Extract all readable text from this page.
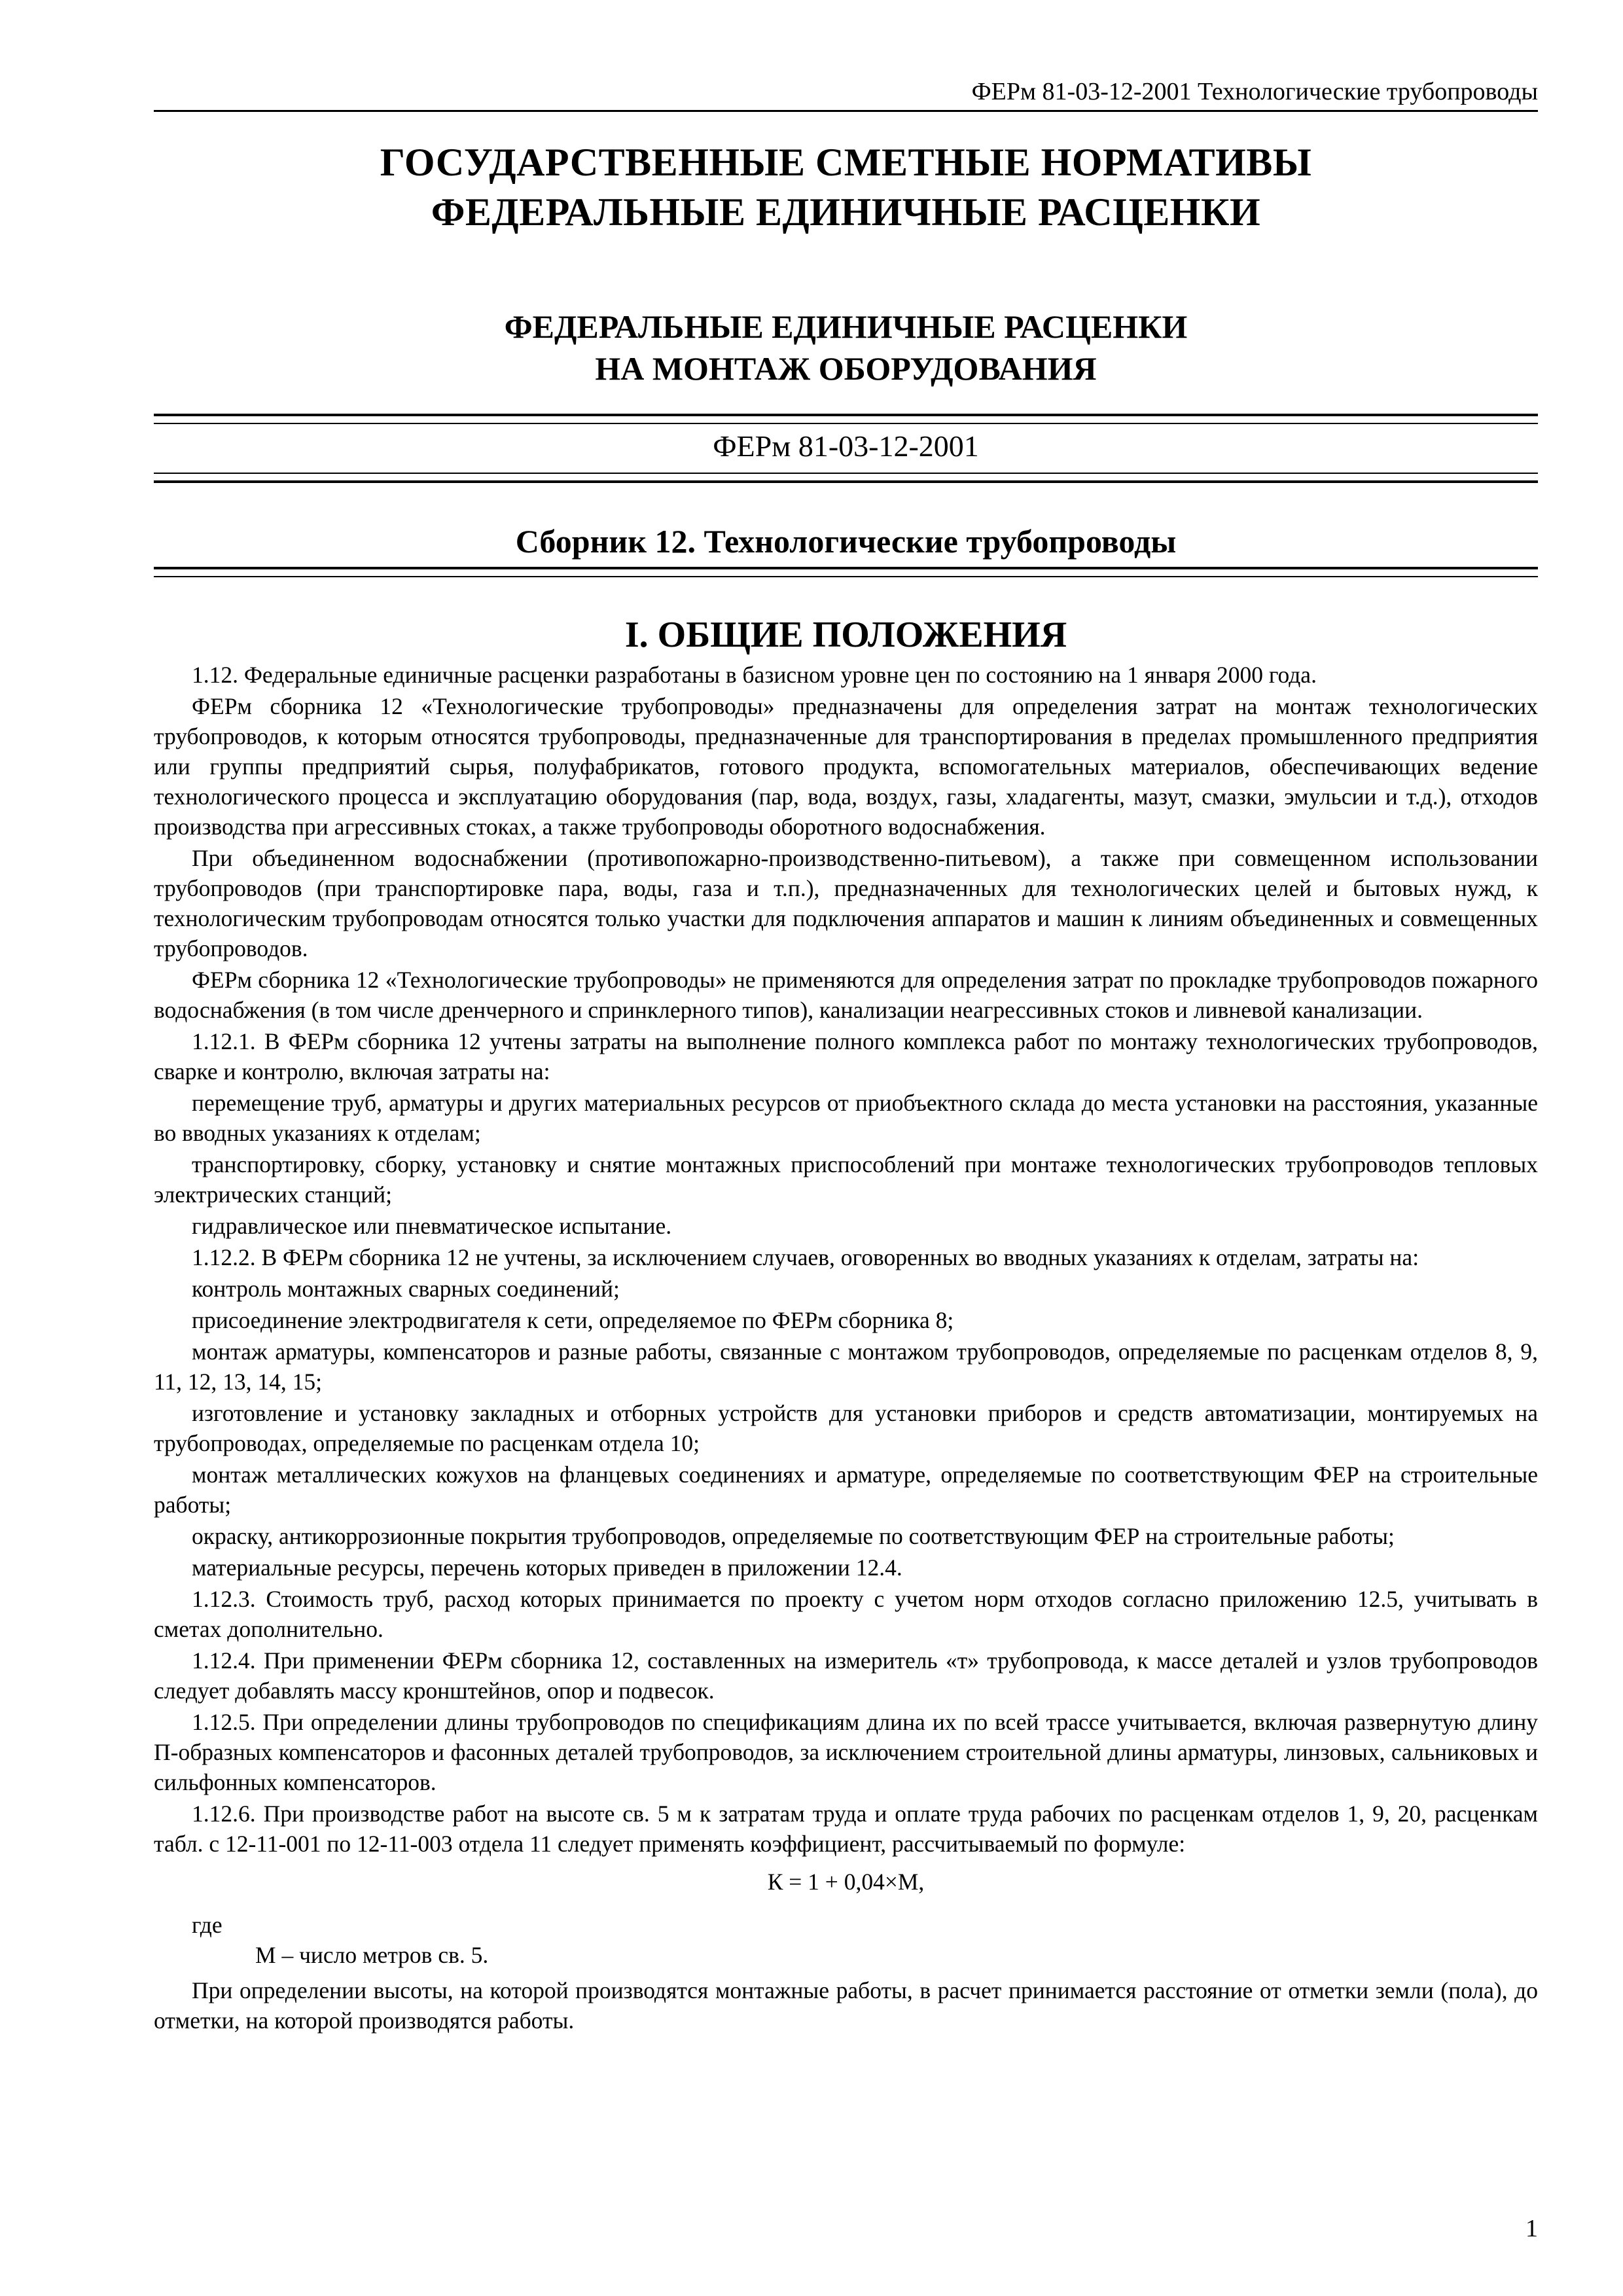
ФЕРм 81-03-12-2001 Технологические трубопроводы
ГОСУДАРСТВЕННЫЕ СМЕТНЫЕ НОРМАТИВЫ
ФЕДЕРАЛЬНЫЕ ЕДИНИЧНЫЕ РАСЦЕНКИ
ФЕДЕРАЛЬНЫЕ ЕДИНИЧНЫЕ РАСЦЕНКИ
НА МОНТАЖ ОБОРУДОВАНИЯ
ФЕРм 81-03-12-2001
Сборник 12. Технологические трубопроводы
I. ОБЩИЕ ПОЛОЖЕНИЯ

1.12. Федеральные единичные расценки разработаны в базисном уровне цен по состоянию на 1 января 2000 года.

ФЕРм сборника 12 «Технологические трубопроводы» предназначены для определения затрат на монтаж технологических трубопроводов, к которым относятся трубопроводы, предназначенные для транспортирования в пределах промышленного предприятия или группы предприятий сырья, полуфабрикатов, готового продукта, вспомогательных материалов, обеспечивающих ведение технологического процесса и эксплуатацию оборудования (пар, вода, воздух, газы, хладагенты, мазут, смазки, эмульсии и т.д.), отходов производства при агрессивных стоках, а также трубопроводы оборотного водоснабжения.

При объединенном водоснабжении (противопожарно-производственно-питьевом), а также при совмещенном использовании трубопроводов (при транспортировке пара, воды, газа и т.п.), предназначенных для технологических целей и бытовых нужд, к технологическим трубопроводам относятся только участки для подключения аппаратов и машин к линиям объединенных и совмещенных трубопроводов.

ФЕРм сборника 12 «Технологические трубопроводы» не применяются для определения затрат по прокладке трубопроводов пожарного водоснабжения (в том числе дренчерного и спринклерного типов), канализации неагрессивных стоков и ливневой канализации.

1.12.1. В ФЕРм сборника 12 учтены затраты на выполнение полного комплекса работ по монтажу технологических трубопроводов, сварке и контролю, включая затраты на:

перемещение труб, арматуры и других материальных ресурсов от приобъектного склада до места установки на расстояния, указанные во вводных указаниях к отделам;

транспортировку, сборку, установку и снятие монтажных приспособлений при монтаже технологических трубопроводов тепловых электрических станций;

гидравлическое или пневматическое испытание.

1.12.2. В ФЕРм сборника 12 не учтены, за исключением случаев, оговоренных во вводных указаниях к отделам, затраты на:

контроль монтажных сварных соединений;

присоединение электродвигателя к сети, определяемое по ФЕРм сборника 8;

монтаж арматуры, компенсаторов и разные работы, связанные с монтажом трубопроводов, определяемые по расценкам отделов 8, 9, 11, 12, 13, 14, 15;

изготовление и установку закладных и отборных устройств для установки приборов и средств автоматизации, монтируемых на трубопроводах, определяемые по расценкам отдела 10;

монтаж металлических кожухов на фланцевых соединениях и арматуре, определяемые по соответствующим ФЕР на строительные работы;

окраску, антикоррозионные покрытия трубопроводов, определяемые по соответствующим ФЕР на строительные работы;

материальные ресурсы, перечень которых приведен в приложении 12.4.

1.12.3. Стоимость труб, расход которых принимается по проекту с учетом норм отходов согласно приложению 12.5, учитывать в сметах дополнительно.

1.12.4. При применении ФЕРм сборника 12, составленных на измеритель «т» трубопровода, к массе деталей и узлов трубопроводов следует добавлять массу кронштейнов, опор и подвесок.

1.12.5. При определении длины трубопроводов по спецификациям длина их по всей трассе учитывается, включая развернутую длину П-образных компенсаторов и фасонных деталей трубопроводов, за исключением строительной длины арматуры, линзовых, сальниковых и сильфонных компенсаторов.

1.12.6. При производстве работ на высоте св. 5 м к затратам труда и оплате труда рабочих по расценкам отделов 1, 9, 20, расценкам табл. с 12-11-001 по 12-11-003 отдела 11 следует применять коэффициент, рассчитываемый по формуле:

К = 1 + 0,04×М,

где

М – число метров св. 5.

При определении высоты, на которой производятся монтажные работы, в расчет принимается расстояние от отметки земли (пола), до отметки, на которой производятся работы.

1
